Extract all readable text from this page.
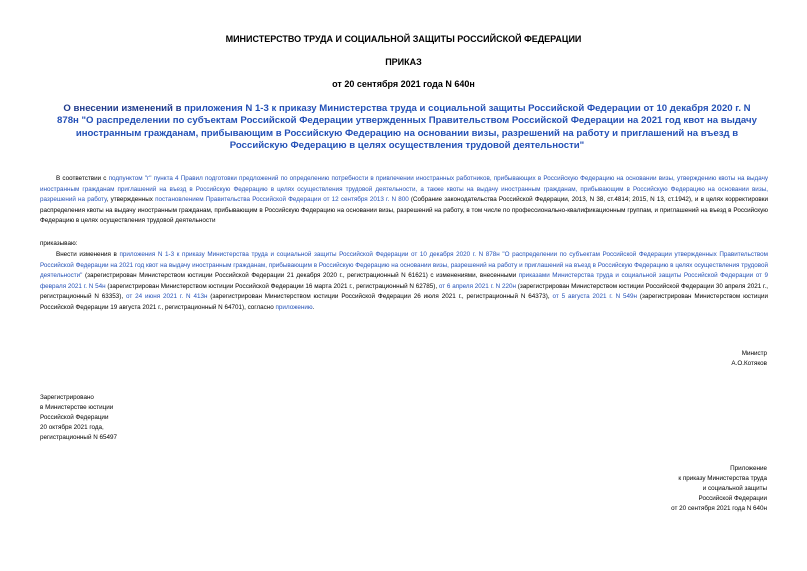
МИНИСТЕРСТВО ТРУДА И СОЦИАЛЬНОЙ ЗАЩИТЫ РОССИЙСКОЙ ФЕДЕРАЦИИ
ПРИКАЗ
от 20 сентября 2021 года N 640н
О внесении изменений в приложения N 1-3 к приказу Министерства труда и социальной защиты Российской Федерации от 10 декабря 2020 г. N 878н "О распределении по субъектам Российской Федерации утвержденных Правительством Российской Федерации на 2021 год квот на выдачу иностранным гражданам, прибывающим в Российскую Федерацию на основании визы, разрешений на работу и приглашений на въезд в Российскую Федерацию в целях осуществления трудовой деятельности"
В соответствии с подпунктом "г" пункта 4 Правил подготовки предложений по определению потребности в привлечении иностранных работников, прибывающих в Российскую Федерацию на основании визы, утверждению квоты на выдачу иностранным гражданам приглашений на въезд в Российскую Федерацию в целях осуществления трудовой деятельности, а также квоты на выдачу иностранным гражданам, прибывающим в Российскую Федерацию на основании визы, разрешений на работу, утвержденных постановлением Правительства Российской Федерации от 12 сентября 2013 г. N 800 (Собрание законодательства Российской Федерации, 2013, N 38, ст.4814; 2015, N 13, ст.1942), и в целях корректировки распределения квоты на выдачу иностранным гражданам, прибывающим в Российскую Федерацию на основании визы, разрешений на работу, в том числе по профессионально-квалификационным группам, и приглашений на въезд в Российскую Федерацию в целях осуществления трудовой деятельности
приказываю:
Внести изменения в приложения N 1-3 к приказу Министерства труда и социальной защиты Российской Федерации от 10 декабря 2020 г. N 878н "О распределении по субъектам Российской Федерации утвержденных Правительством Российской Федерации на 2021 год квот на выдачу иностранным гражданам, прибывающим в Российскую Федерацию на основании визы, разрешений на работу и приглашений на въезд в Российскую Федерацию в целях осуществления трудовой деятельности" (зарегистрирован Министерством юстиции Российской Федерации 21 декабря 2020 г., регистрационный N 61621) с изменениями, внесенными приказами Министерства труда и социальной защиты Российской Федерации от 9 февраля 2021 г. N 54н (зарегистрирован Министерством юстиции Российской Федерации 16 марта 2021 г., регистрационный N 62785), от 6 апреля 2021 г. N 220н (зарегистрирован Министерством юстиции Российской Федерации 30 апреля 2021 г., регистрационный N 63353), от 24 июня 2021 г. N 413н (зарегистрирован Министерством юстиции Российской Федерации 26 июля 2021 г., регистрационный N 64373), от 5 августа 2021 г. N 549н (зарегистрирован Министерством юстиции Российской Федерации 19 августа 2021 г., регистрационный N 64701), согласно приложению.
Министр
А.О.Котяков
Зарегистрировано
в Министерстве юстиции
Российской Федерации
20 октября 2021 года,
регистрационный N 65497
Приложение
к приказу Министерства труда
и социальной защиты
Российской Федерации
от 20 сентября 2021 года N 640н
